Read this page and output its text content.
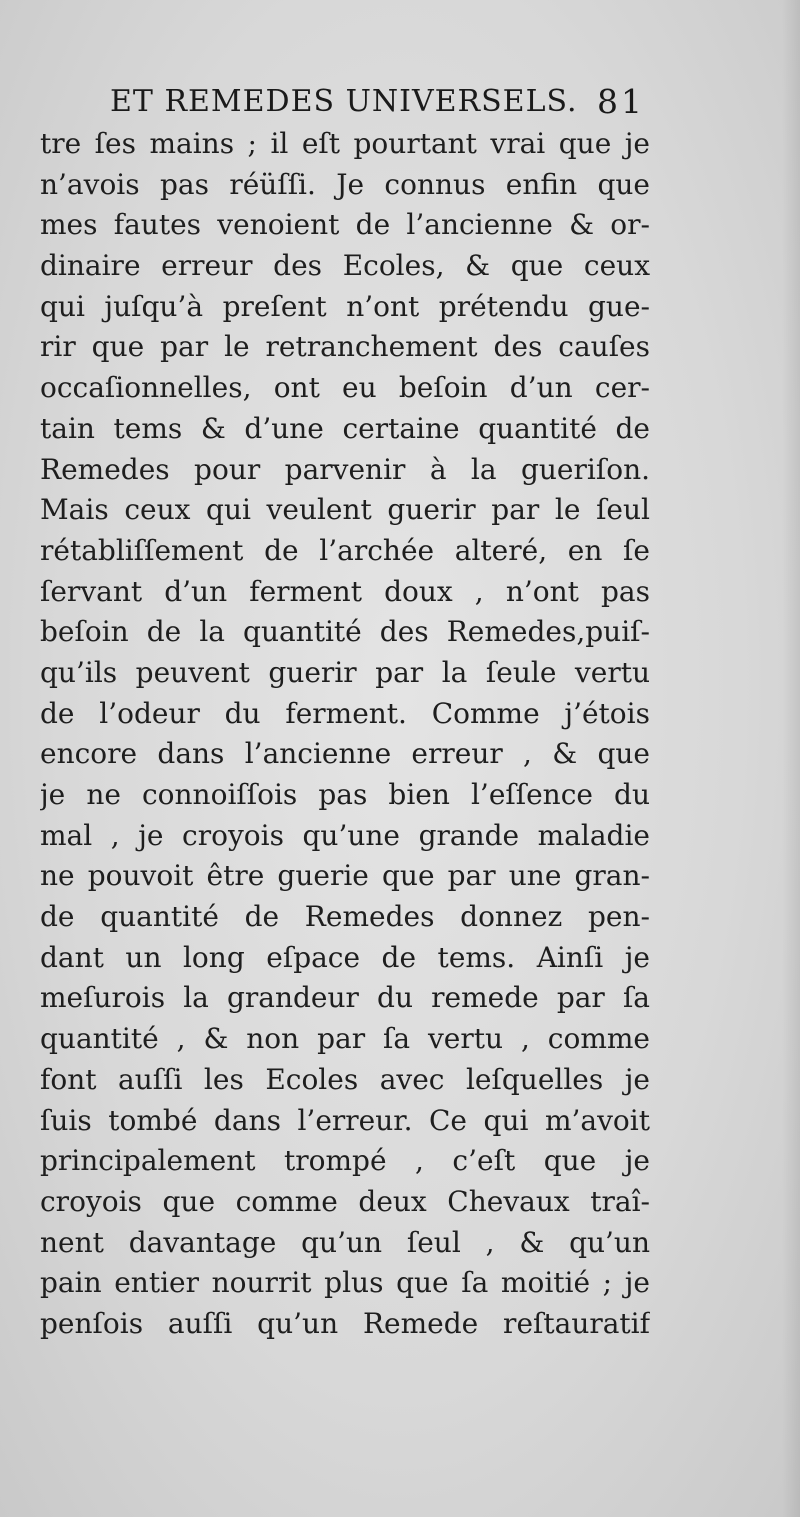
ET REMEDES UNIVERSELS. 81
tre ſes mains ; il eſt pourtant vrai que je
n’avois pas réüſſi. Je connus enfin que
mes fautes venoient de l’ancienne & or-
dinaire erreur des Ecoles, & que ceux
qui juſqu’à preſent n’ont prétendu gue-
rir que par le retranchement des cauſes
occaſionnelles, ont eu beſoin d’un cer-
tain tems & d’une certaine quantité de
Remedes pour parvenir à la gueriſon.
Mais ceux qui veulent guerir par le ſeul
rétabliſſement de l’archée alteré, en ſe
ſervant d’un ferment doux , n’ont pas
beſoin de la quantité des Remedes,puiſ-
qu’ils peuvent guerir par la ſeule vertu
de l’odeur du ferment. Comme j’étois
encore dans l’ancienne erreur , & que
je ne connoiſſois pas bien l’eſſence du
mal , je croyois qu’une grande maladie
ne pouvoit être guerie que par une gran-
de quantité de Remedes donnez pen-
dant un long eſpace de tems. Ainſi je
meſurois la grandeur du remede par ſa
quantité , & non par ſa vertu , comme
font auſſi les Ecoles avec leſquelles je
ſuis tombé dans l’erreur. Ce qui m’avoit
principalement trompé , c’eſt que je
croyois que comme deux Chevaux traî-
nent davantage qu’un ſeul , & qu’un
pain entier nourrit plus que ſa moitié ; je
penſois auſſi qu’un Remede reſtauratif
